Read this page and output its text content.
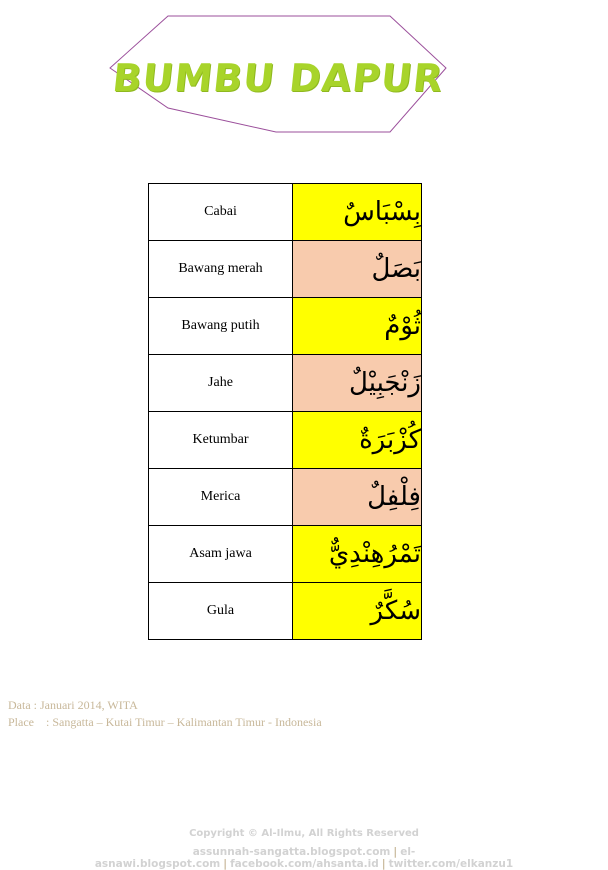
BUMBU DAPUR
Cabai	بِسْبَاسٌ
Bawang merah	بَصَلٌ
Bawang putih	ثُوْمٌ
Jahe	زَنْجَبِيْلٌ
Ketumbar	كُزْبَرَةٌ
Merica	فِلْفِلٌ
Asam jawa	تَمْرُهِنْدِيٌّ
Gula	سُكَّرٌ
Data : Januari 2014, WITA
Place    : Sangatta – Kutai Timur – Kalimantan Timur - Indonesia
Copyright © Al-Ilmu, All Rights Reserved
assunnah-sangatta.blogspot.com | el-asnawi.blogspot.com | facebook.com/ahsanta.id | twitter.com/elkanzu1
